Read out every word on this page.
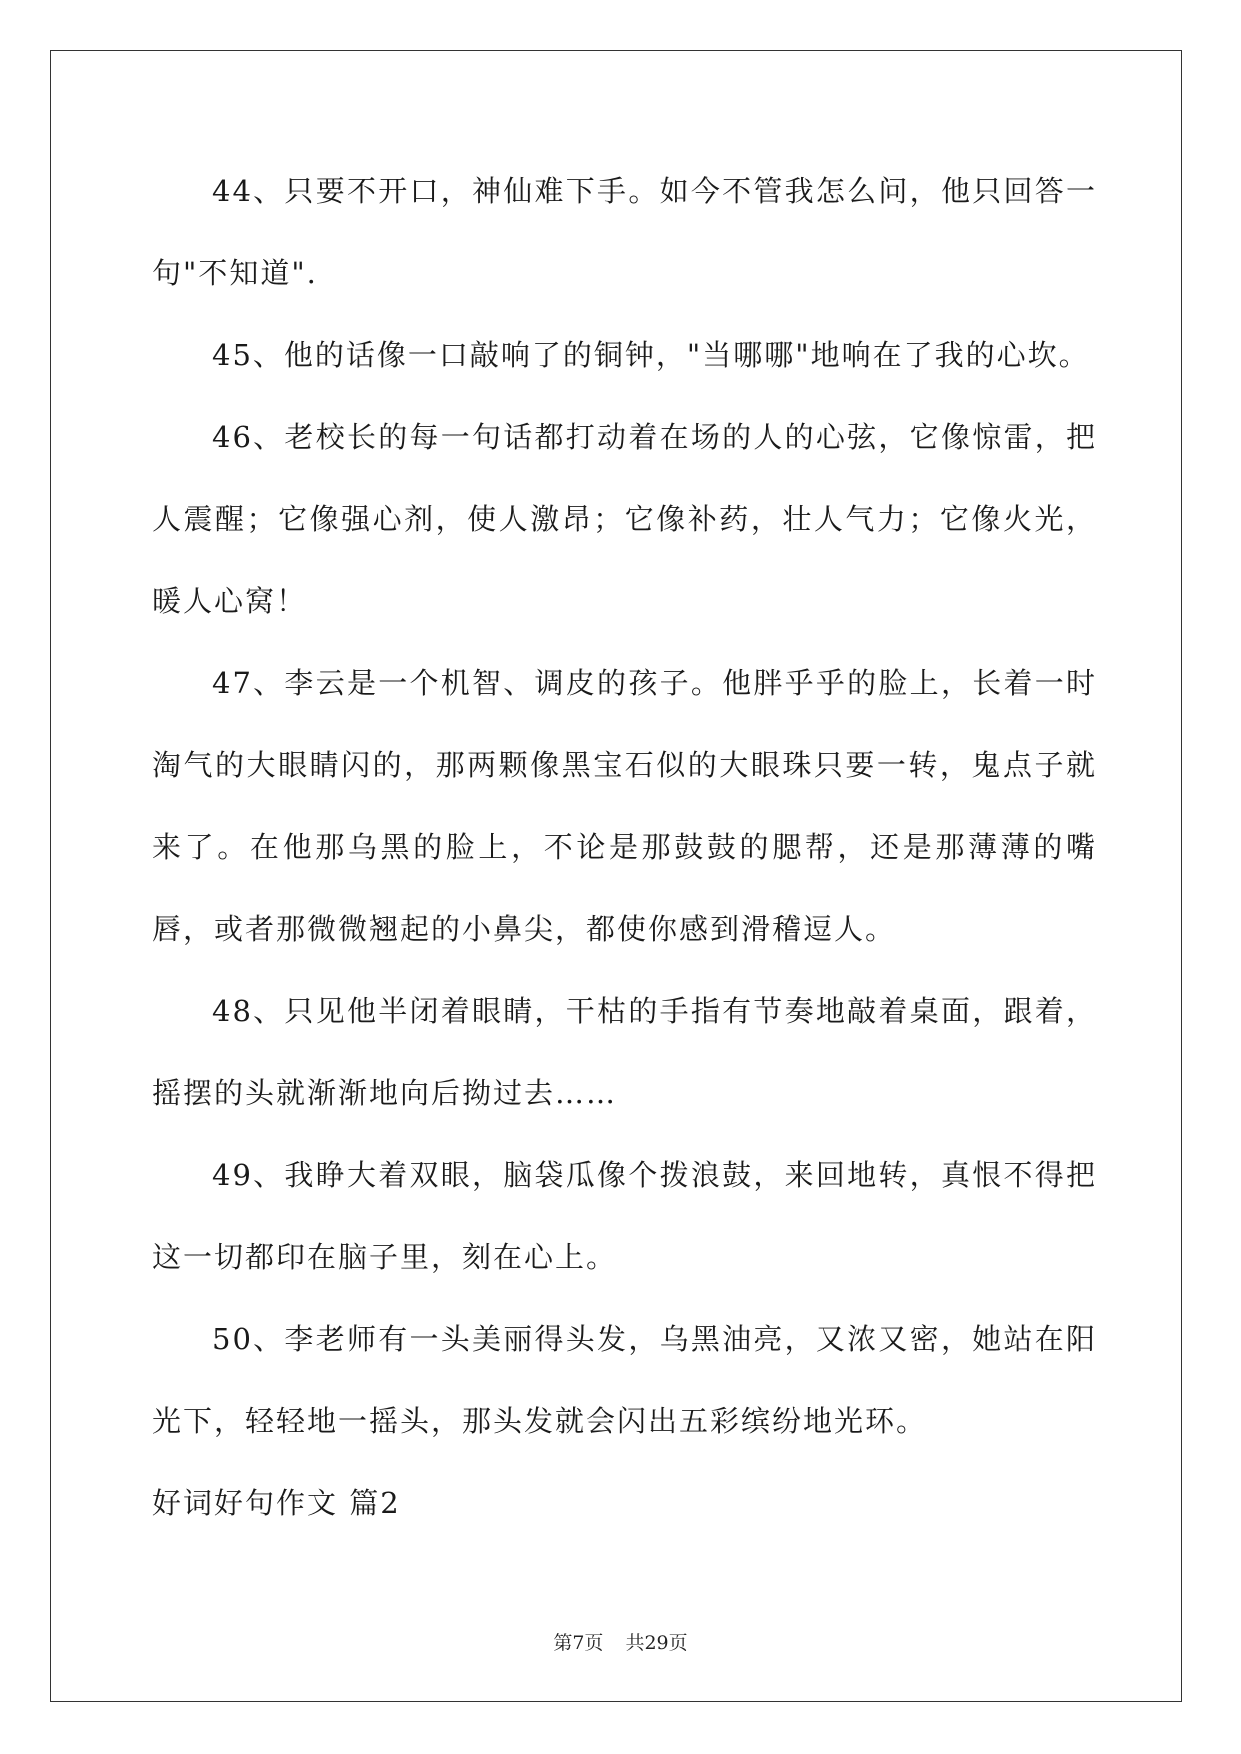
44、只要不开口，神仙难下手。如今不管我怎么问，他只回答一句"不知道".

45、他的话像一口敲响了的铜钟，"当哪哪"地响在了我的心坎。

46、老校长的每一句话都打动着在场的人的心弦，它像惊雷，把人震醒；它像强心剂，使人激昂；它像补药，壮人气力；它像火光，暖人心窝！

47、李云是一个机智、调皮的孩子。他胖乎乎的脸上，长着一时淘气的大眼睛闪的，那两颗像黑宝石似的大眼珠只要一转，鬼点子就来了。在他那乌黑的脸上，不论是那鼓鼓的腮帮，还是那薄薄的嘴唇，或者那微微翘起的小鼻尖，都使你感到滑稽逗人。

48、只见他半闭着眼睛，干枯的手指有节奏地敲着桌面，跟着，摇摆的头就渐渐地向后拗过去……

49、我睁大着双眼，脑袋瓜像个拨浪鼓，来回地转，真恨不得把这一切都印在脑子里，刻在心上。

50、李老师有一头美丽得头发，乌黑油亮，又浓又密，她站在阳光下，轻轻地一摇头，那头发就会闪出五彩缤纷地光环。

好词好句作文 篇2

第7页 共29页
